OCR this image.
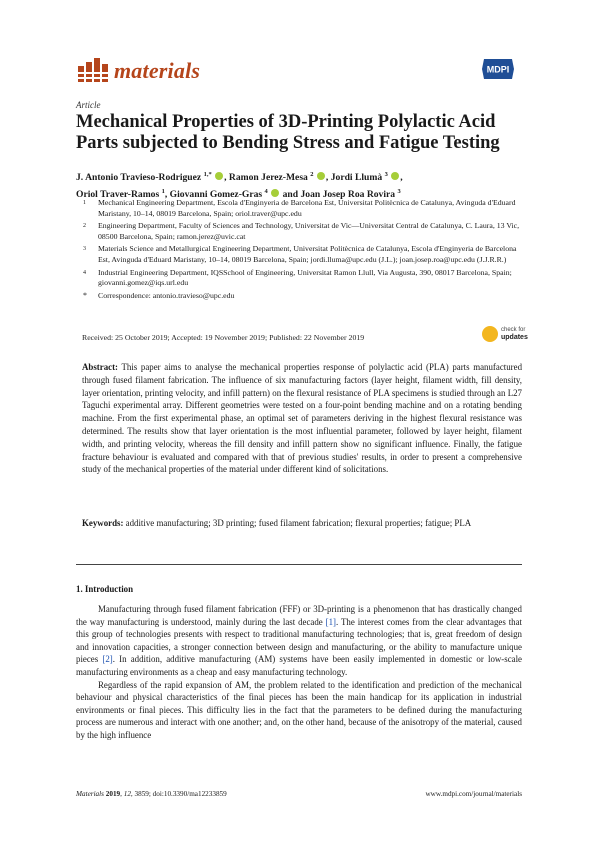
materials	MDPI
Article
Mechanical Properties of 3D-Printing Polylactic Acid Parts subjected to Bending Stress and Fatigue Testing
J. Antonio Travieso-Rodriguez $^{1,*}$ , Ramon Jerez-Mesa $^2$ , Jordi Llumà $^3$ ,
Oriol Traver-Ramos $^1$, Giovanni Gomez-Gras $^4$  and Joan Josep Roa Rovira $^3$
1 Mechanical Engineering Department, Escola d'Enginyeria de Barcelona Est, Universitat Politècnica de Catalunya, Avinguda d'Eduard Maristany, 10–14, 08019 Barcelona, Spain; oriol.traver@upc.edu
2 Engineering Department, Faculty of Sciences and Technology, Universitat de Vic—Universitat Central de Catalunya, C. Laura, 13 Vic, 08500 Barcelona, Spain; ramon.jerez@uvic.cat
3 Materials Science and Metallurgical Engineering Department, Universitat Politècnica de Catalunya, Escola d'Enginyeria de Barcelona Est, Avinguda d'Eduard Maristany, 10–14, 08019 Barcelona, Spain; jordi.lluma@upc.edu (J.L.); joan.josep.roa@upc.edu (J.J.R.R.)
4 Industrial Engineering Department, IQSSchool of Engineering, Universitat Ramon Llull, Via Augusta, 390, 08017 Barcelona, Spain; giovanni.gomez@iqs.url.edu
* Correspondence: antonio.travieso@upc.edu
Received: 25 October 2019; Accepted: 19 November 2019; Published: 22 November 2019
check for
updates
Abstract: This paper aims to analyse the mechanical properties response of polylactic acid (PLA) parts manufactured through fused filament fabrication. The influence of six manufacturing factors (layer height, filament width, fill density, layer orientation, printing velocity, and infill pattern) on the flexural resistance of PLA specimens is studied through an L27 Taguchi experimental array. Different geometries were tested on a four-point bending machine and on a rotating bending machine. From the first experimental phase, an optimal set of parameters deriving in the highest flexural resistance was determined. The results show that layer orientation is the most influential parameter, followed by layer height, filament width, and printing velocity, whereas the fill density and infill pattern show no significant influence. Finally, the fatigue fracture behaviour is evaluated and compared with that of previous studies' results, in order to present a comprehensive study of the mechanical properties of the material under different kind of solicitations.
Keywords: additive manufacturing; 3D printing; fused filament fabrication; flexural properties; fatigue; PLA
1. Introduction

Manufacturing through fused filament fabrication (FFF) or 3D-printing is a phenomenon that has drastically changed the way manufacturing is understood, mainly during the last decade [1]. The interest comes from the clear advantages that this group of technologies presents with respect to traditional manufacturing technologies; that is, great freedom of design and innovation capacities, a stronger connection between design and manufacturing, or the ability to manufacture unique pieces [2]. In addition, additive manufacturing (AM) systems have been easily implemented in domestic or low-scale manufacturing environments as a cheap and easy manufacturing technology.

Regardless of the rapid expansion of AM, the problem related to the identification and prediction of the mechanical behaviour and physical characteristics of the final pieces has been the main handicap for its application in industrial environments or final pieces. This difficulty lies in the fact that the parameters to be defined during the manufacturing process are numerous and interact with one another; and, on the other hand, because of the anisotropy of the material, caused by the high influence

Materials 2019, 12, 3859; doi:10.3390/ma12233859	www.mdpi.com/journal/materials
